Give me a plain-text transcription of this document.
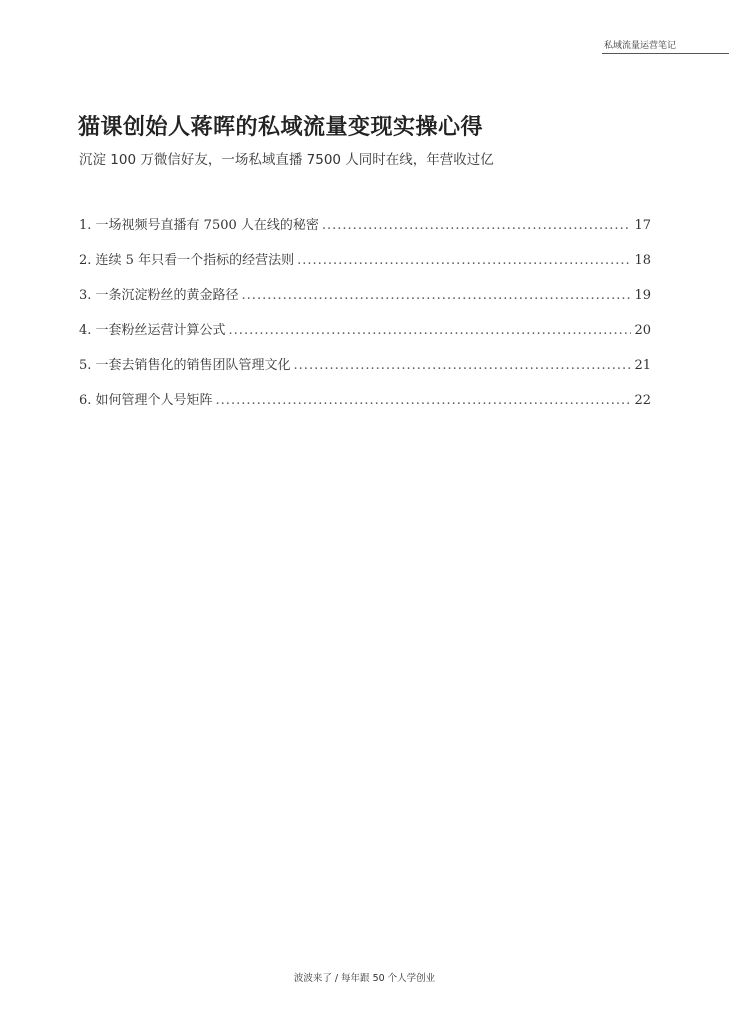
私域流量运营笔记
猫课创始人蒋晖的私域流量变现实操心得

沉淀 100 万微信好友，一场私域直播 7500 人同时在线，年营收过亿

1. 一场视频号直播有 7500 人在线的秘密 .....	17
2. 连续 5 年只看一个指标的经营法则 .....	18
3. 一条沉淀粉丝的黄金路径 .....	19
4. 一套粉丝运营计算公式 .....	20
5. 一套去销售化的销售团队管理文化 .....	21
6. 如何管理个人号矩阵 .....	22
波波来了 / 每年跟 50 个人学创业
